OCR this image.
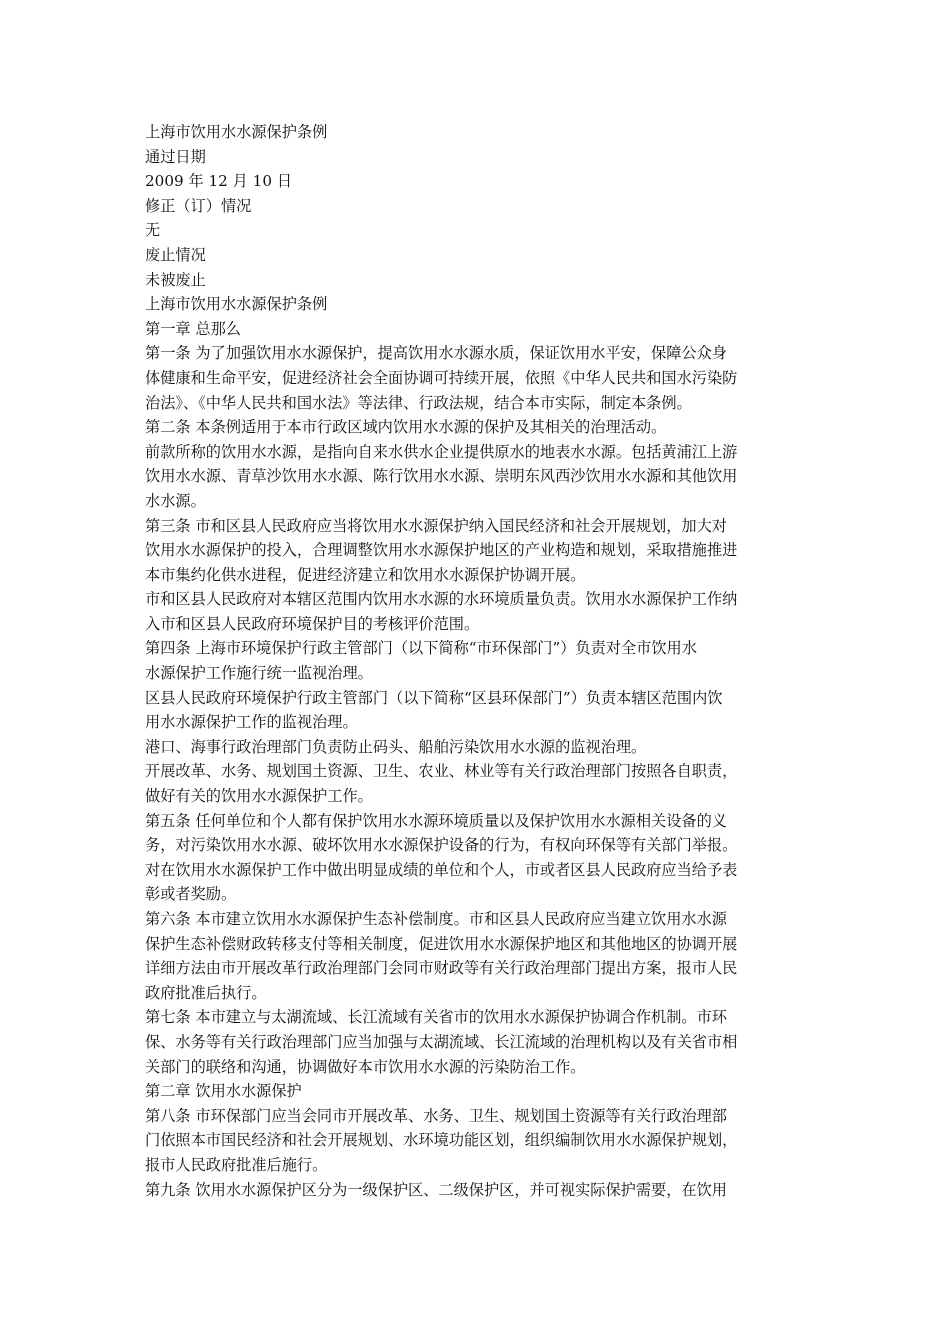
上海市饮用水水源保护条例
通过日期
2009 年 12 月 10 日
修正（订）情况
无
废止情况
未被废止
上海市饮用水水源保护条例
第一章 总那么
第一条 为了加强饮用水水源保护，提高饮用水水源水质，保证饮用水平安，保障公众身
体健康和生命平安，促进经济社会全面协调可持续开展，依照《中华人民共和国水污染防
治法》、《中华人民共和国水法》等法律、行政法规，结合本市实际，制定本条例。
第二条 本条例适用于本市行政区域内饮用水水源的保护及其相关的治理活动。
前款所称的饮用水水源，是指向自来水供水企业提供原水的地表水水源。包括黄浦江上游
饮用水水源、青草沙饮用水水源、陈行饮用水水源、崇明东风西沙饮用水水源和其他饮用
水水源。
第三条 市和区县人民政府应当将饮用水水源保护纳入国民经济和社会开展规划，加大对
饮用水水源保护的投入，合理调整饮用水水源保护地区的产业构造和规划，采取措施推进
本市集约化供水进程，促进经济建立和饮用水水源保护协调开展。
市和区县人民政府对本辖区范围内饮用水水源的水环境质量负责。饮用水水源保护工作纳
入市和区县人民政府环境保护目的考核评价范围。
第四条 上海市环境保护行政主管部门（以下简称“市环保部门”）负责对全市饮用水
水源保护工作施行统一监视治理。
区县人民政府环境保护行政主管部门（以下简称“区县环保部门”）负责本辖区范围内饮
用水水源保护工作的监视治理。
港口、海事行政治理部门负责防止码头、船舶污染饮用水水源的监视治理。
开展改革、水务、规划国土资源、卫生、农业、林业等有关行政治理部门按照各自职责，
做好有关的饮用水水源保护工作。
第五条 任何单位和个人都有保护饮用水水源环境质量以及保护饮用水水源相关设备的义
务，对污染饮用水水源、破坏饮用水水源保护设备的行为，有权向环保等有关部门举报。
对在饮用水水源保护工作中做出明显成绩的单位和个人，市或者区县人民政府应当给予表
彰或者奖励。
第六条 本市建立饮用水水源保护生态补偿制度。市和区县人民政府应当建立饮用水水源
保护生态补偿财政转移支付等相关制度，促进饮用水水源保护地区和其他地区的协调开展
详细方法由市开展改革行政治理部门会同市财政等有关行政治理部门提出方案，报市人民
政府批准后执行。
第七条 本市建立与太湖流域、长江流域有关省市的饮用水水源保护协调合作机制。市环
保、水务等有关行政治理部门应当加强与太湖流域、长江流域的治理机构以及有关省市相
关部门的联络和沟通，协调做好本市饮用水水源的污染防治工作。
第二章 饮用水水源保护
第八条 市环保部门应当会同市开展改革、水务、卫生、规划国土资源等有关行政治理部
门依照本市国民经济和社会开展规划、水环境功能区划，组织编制饮用水水源保护规划，
报市人民政府批准后施行。
第九条 饮用水水源保护区分为一级保护区、二级保护区，并可视实际保护需要，在饮用
